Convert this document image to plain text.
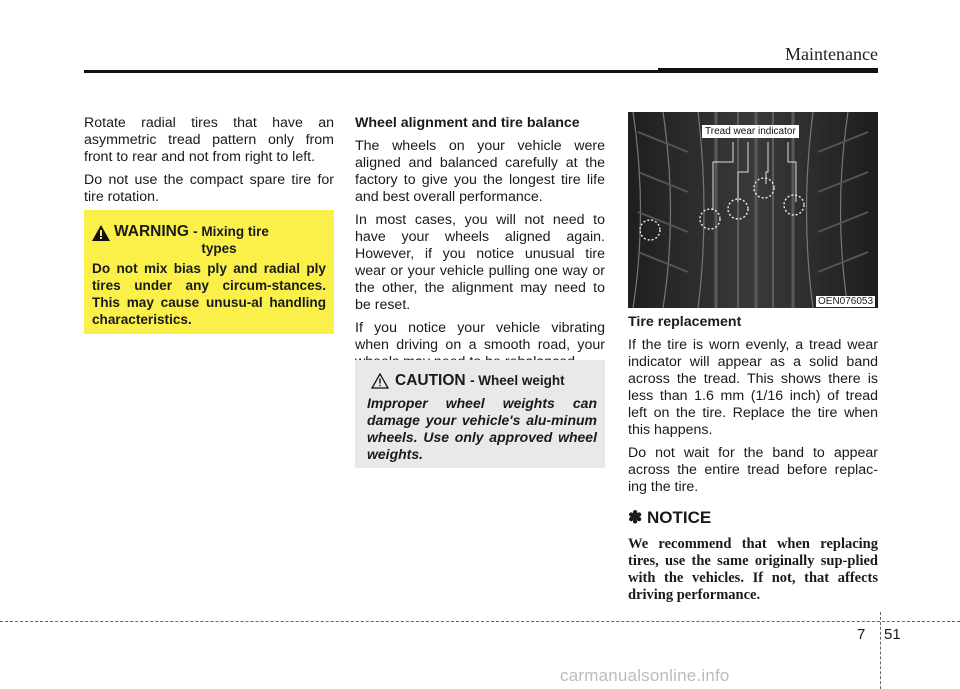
Maintenance

Rotate radial tires that have an asymmetric tread pattern only from front to rear and not from right to left.

Do not use the compact spare tire for tire rotation.

WARNING - Mixing tire
types
Do not mix bias ply and radial ply tires under any circum-stances. This may cause unusu-al handling characteristics.
Wheel alignment and tire balance

The wheels on your vehicle were aligned and balanced carefully at the factory to give you the longest tire life and best overall performance.

In most cases, you will not need to have your wheels aligned again. However, if you notice unusual tire wear or your vehicle pulling one way or the other, the alignment may need to be reset.

If you notice your vehicle vibrating when driving on a smooth road, your

CAUTION - Wheel weight
Improper wheel weights can damage your vehicle's alu-minum wheels. Use only approved wheel weights.
Tread wear indicator
OEN076053
Tire replacement

If the tire is worn evenly, a tread wear indicator will appear as a solid band across the tread. This shows there is less than 1.6 mm (1/16 inch) of tread left on the tire. Replace the tire when this happens.

Do not wait for the band to appear across the entire tread before replac-ing the tire.

✽ NOTICE
We recommend that when replacing tires, use the same originally sup-plied with the vehicles. If not, that affects driving performance.
7 51
carmanualsonline.info
